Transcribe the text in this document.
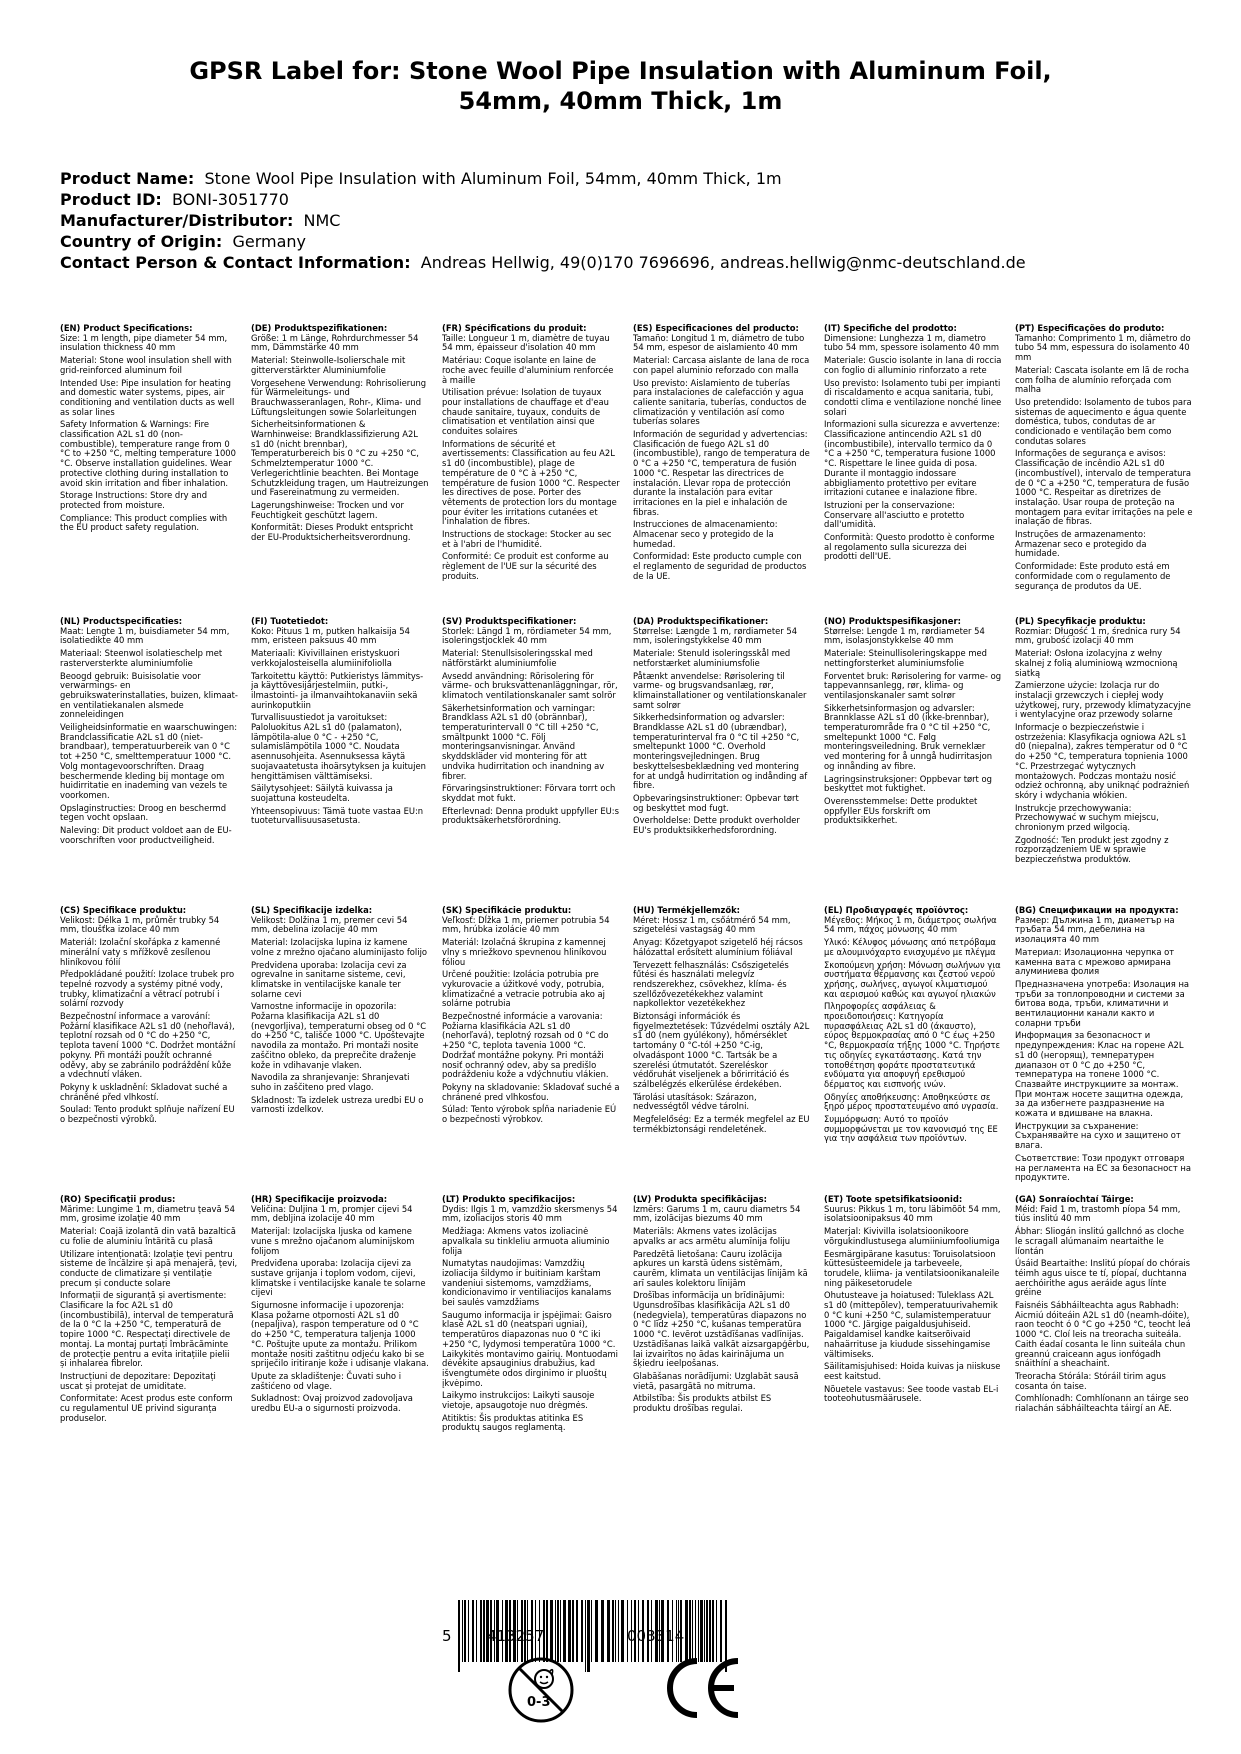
GPSR Label for: Stone Wool Pipe Insulation with Aluminum Foil,
54mm, 40mm Thick, 1m
Product Name: Stone Wool Pipe Insulation with Aluminum Foil, 54mm, 40mm Thick, 1m
Product ID: BONI-3051770
Manufacturer/Distributor: NMC
Country of Origin: Germany
Contact Person & Contact Information: Andreas Hellwig, 49(0)170 7696696, andreas.hellwig@nmc-deutschland.de
(EN) Product Specifications:

Size: 1 m length, pipe diameter 54 mm, insulation thickness 40 mm

Material: Stone wool insulation shell with grid-reinforced aluminum foil

Intended Use: Pipe insulation for heating and domestic water systems, pipes, air conditioning and ventilation ducts as well as solar lines

Safety Information & Warnings: Fire classification A2L s1 d0 (non-combustible), temperature range from 0 °C to +250 °C, melting temperature 1000 °C. Observe installation guidelines. Wear protective clothing during installation to avoid skin irritation and fiber inhalation.

Storage Instructions: Store dry and protected from moisture.

Compliance: This product complies with the EU product safety regulation.

(DE) Produktspezifikationen:

Größe: 1 m Länge, Rohrdurchmesser 54 mm, Dämmstärke 40 mm

Material: Steinwolle-Isolierschale mit gitterverstärkter Aluminiumfolie

Vorgesehene Verwendung: Rohrisolierung für Wärmeleitungs- und Brauchwasseranlagen, Rohr-, Klima- und Lüftungsleitungen sowie Solarleitungen

Sicherheitsinformationen & Warnhinweise: Brandklassifizierung A2L s1 d0 (nicht brennbar), Temperaturbereich bis 0 °C zu +250 °C, Schmelztemperatur 1000 °C. Verlegerichtlinie beachten. Bei Montage Schutzkleidung tragen, um Hautreizungen und Fasereinatmung zu vermeiden.

Lagerungshinweise: Trocken und vor Feuchtigkeit geschützt lagern.

Konformität: Dieses Produkt entspricht der EU-Produktsicherheitsverordnung.

(FR) Spécifications du produit:

Taille: Longueur 1 m, diamètre de tuyau 54 mm, épaisseur d'isolation 40 mm

Matériau: Coque isolante en laine de roche avec feuille d'aluminium renforcée à maille

Utilisation prévue: Isolation de tuyaux pour installations de chauffage et d'eau chaude sanitaire, tuyaux, conduits de climatisation et ventilation ainsi que conduites solaires

Informations de sécurité et avertissements: Classification au feu A2L s1 d0 (incombustible), plage de température de 0 °C à +250 °C, température de fusion 1000 °C. Respecter les directives de pose. Porter des vêtements de protection lors du montage pour éviter les irritations cutanées et l'inhalation de fibres.

Instructions de stockage: Stocker au sec et à l'abri de l'humidité.

Conformité: Ce produit est conforme au règlement de l'UE sur la sécurité des produits.

(ES) Especificaciones del producto:

Tamaño: Longitud 1 m, diámetro de tubo 54 mm, espesor de aislamiento 40 mm

Material: Carcasa aislante de lana de roca con papel aluminio reforzado con malla

Uso previsto: Aislamiento de tuberías para instalaciones de calefacción y agua caliente sanitaria, tuberías, conductos de climatización y ventilación así como tuberías solares

Información de seguridad y advertencias: Clasificación de fuego A2L s1 d0 (incombustible), rango de temperatura de 0 °C a +250 °C, temperatura de fusión 1000 °C. Respetar las directrices de instalación. Llevar ropa de protección durante la instalación para evitar irritaciones en la piel e inhalación de fibras.

Instrucciones de almacenamiento: Almacenar seco y protegido de la humedad.

Conformidad: Este producto cumple con el reglamento de seguridad de productos de la UE.

(IT) Specifiche del prodotto:

Dimensione: Lunghezza 1 m, diametro tubo 54 mm, spessore isolamento 40 mm

Materiale: Guscio isolante in lana di roccia con foglio di alluminio rinforzato a rete

Uso previsto: Isolamento tubi per impianti di riscaldamento e acqua sanitaria, tubi, condotti clima e ventilazione nonché linee solari

Informazioni sulla sicurezza e avvertenze: Classificazione antincendio A2L s1 d0 (incombustibile), intervallo termico da 0 °C a +250 °C, temperatura fusione 1000 °C. Rispettare le linee guida di posa. Durante il montaggio indossare abbigliamento protettivo per evitare irritazioni cutanee e inalazione fibre.

Istruzioni per la conservazione: Conservare all'asciutto e protetto dall'umidità.

Conformità: Questo prodotto è conforme al regolamento sulla sicurezza dei prodotti dell'UE.

(PT) Especificações do produto:

Tamanho: Comprimento 1 m, diâmetro do tubo 54 mm, espessura do isolamento 40 mm

Material: Cascata isolante em lã de rocha com folha de alumínio reforçada com malha

Uso pretendido: Isolamento de tubos para sistemas de aquecimento e água quente doméstica, tubos, condutas de ar condicionado e ventilação bem como condutas solares

Informações de segurança e avisos: Classificação de incêndio A2L s1 d0 (incombustível), intervalo de temperatura de 0 °C a +250 °C, temperatura de fusão 1000 °C. Respeitar as diretrizes de instalação. Usar roupa de proteção na montagem para evitar irritações na pele e inalação de fibras.

Instruções de armazenamento: Armazenar seco e protegido da humidade.

Conformidade: Este produto está em conformidade com o regulamento de segurança de produtos da UE.

(NL) Productspecificaties:

Maat: Lengte 1 m, buisdiameter 54 mm, isolatiedikte 40 mm

Materiaal: Steenwol isolatieschelp met rasterversterkte aluminiumfolie

Beoogd gebruik: Buisisolatie voor verwarmings- en gebruikswaterinstallaties, buizen, klimaat- en ventilatiekanalen alsmede zonneleidingen

Veiligheidsinformatie en waarschuwingen: Brandclassificatie A2L s1 d0 (niet-brandbaar), temperatuurbereik van 0 °C tot +250 °C, smelttemperatuur 1000 °C. Volg montagevoorschriften. Draag beschermende kleding bij montage om huidirritatie en inademing van vezels te voorkomen.

Opslaginstructies: Droog en beschermd tegen vocht opslaan.

Naleving: Dit product voldoet aan de EU-voorschriften voor productveiligheid.

(FI) Tuotetiedot:

Koko: Pituus 1 m, putken halkaisija 54 mm, eristeen paksuus 40 mm

Materiaali: Kivivillainen eristyskuori verkkojalosteisella alumiinifoliolla

Tarkoitettu käyttö: Putkieristys lämmitys- ja käyttövesijärjestelmiin, putki-, ilmastointi- ja ilmanvaihtokanaviin sekä aurinkoputkiin

Turvallisuustiedot ja varoitukset: Paloluokitus A2L s1 d0 (palamaton), lämpötila-alue 0 °C - +250 °C, sulamislämpötila 1000 °C. Noudata asennusohjeita. Asennuksessa käytä suojavaatetusta ihoärsytyksen ja kuitujen hengittämisen välttämiseksi.

Säilytysohjeet: Säilytä kuivassa ja suojattuna kosteudelta.

Yhteensopivuus: Tämä tuote vastaa EU:n tuoteturvallisuusasetusta.

(SV) Produktspecifikationer:

Storlek: Längd 1 m, rördiameter 54 mm, isoleringstjocklek 40 mm

Material: Stenullsisoleringsskal med nätförstärkt aluminiumfolie

Avsedd användning: Rörisolering för värme- och bruksvattenanläggningar, rör, klimatoch ventilationskanaler samt solrör

Säkerhetsinformation och varningar: Brandklass A2L s1 d0 (obrännbar), temperaturintervall 0 °C till +250 °C, smältpunkt 1000 °C. Följ monteringsanvisningar. Använd skyddskläder vid montering för att undvika hudirritation och inandning av fibrer.

Förvaringsinstruktioner: Förvara torrt och skyddat mot fukt.

Efterlevnad: Denna produkt uppfyller EU:s produktsäkerhetsförordning.

(DA) Produktspecifikationer:

Størrelse: Længde 1 m, rørdiameter 54 mm, isoleringstykkelse 40 mm

Materiale: Stenuld isoleringsskål med netforstærket aluminiumsfolie

Påtænkt anvendelse: Rørisolering til varme- og brugsvandsanlæg, rør, klimainstallationer og ventilationskanaler samt solrør

Sikkerhedsinformation og advarsler: Brandklasse A2L s1 d0 (ubrændbar), temperaturinterval fra 0 °C til +250 °C, smeltepunkt 1000 °C. Overhold monteringsvejledningen. Brug beskyttelsesbeklædning ved montering for at undgå hudirritation og indånding af fibre.

Opbevaringsinstruktioner: Opbevar tørt og beskyttet mod fugt.

Overholdelse: Dette produkt overholder EU's produktsikkerhedsforordning.

(NO) Produktspesifikasjoner:

Størrelse: Lengde 1 m, rørdiameter 54 mm, isolasjonstykkelse 40 mm

Materiale: Steinullisoleringskappe med nettingforsterket aluminiumsfolie

Forventet bruk: Rørisolering for varme- og tappevannsanlegg, rør, klima- og ventilasjonskanaler samt solrør

Sikkerhetsinformasjon og advarsler: Brannklasse A2L s1 d0 (ikke-brennbar), temperaturområde fra 0 °C til +250 °C, smeltepunkt 1000 °C. Følg monteringsveiledning. Bruk verneklær ved montering for å unngå hudirritasjon og innånding av fibre.

Lagringsinstruksjoner: Oppbevar tørt og beskyttet mot fuktighet.

Overensstemmelse: Dette produktet oppfyller EUs forskrift om produktsikkerhet.

(PL) Specyfikacje produktu:

Rozmiar: Długość 1 m, średnica rury 54 mm, grubość izolacji 40 mm

Materiał: Osłona izolacyjna z wełny skalnej z folią aluminiową wzmocnioną siatką

Zamierzone użycie: Izolacja rur do instalacji grzewczych i ciepłej wody użytkowej, rury, przewody klimatyzacyjne i wentylacyjne oraz przewody solarne

Informacje o bezpieczeństwie i ostrzeżenia: Klasyfikacja ogniowa A2L s1 d0 (niepalna), zakres temperatur od 0 °C do +250 °C, temperatura topnienia 1000 °C. Przestrzegać wytycznych montażowych. Podczas montażu nosić odzież ochronną, aby uniknąć podrażnień skóry i wdychania włókien.

Instrukcje przechowywania: Przechowywać w suchym miejscu, chronionym przed wilgocią.

Zgodność: Ten produkt jest zgodny z rozporządzeniem UE w sprawie bezpieczeństwa produktów.

(CS) Specifikace produktu:

Velikost: Délka 1 m, průměr trubky 54 mm, tloušťka izolace 40 mm

Materiál: Izolační skořápka z kamenné minerální vaty s mřížkově zesílenou hliníkovou fólií

Předpokládané použití: Izolace trubek pro tepelné rozvody a systémy pitné vody, trubky, klimatizační a větrací potrubí i solární rozvody

Bezpečnostní informace a varování: Požární klasifikace A2L s1 d0 (nehořlavá), teplotní rozsah od 0 °C do +250 °C, teplota tavení 1000 °C. Dodržet montážní pokyny. Při montáži použít ochranné oděvy, aby se zabránilo podráždění kůže a vdechnutí vláken.

Pokyny k uskladnění: Skladovat suché a chráněné před vlhkostí.

Soulad: Tento produkt splňuje nařízení EU o bezpečnosti výrobků.

(SL) Specifikacije izdelka:

Velikost: Dolžina 1 m, premer cevi 54 mm, debelina izolacije 40 mm

Material: Izolacijska lupina iz kamene volne z mrežno ojačano aluminijasto folijo

Predvidena uporaba: Izolacija cevi za ogrevalne in sanitarne sisteme, cevi, klimatske in ventilacijske kanale ter solarne cevi

Varnostne informacije in opozorila: Požarna klasifikacija A2L s1 d0 (nevgorljiva), temperaturni obseg od 0 °C do +250 °C, tališče 1000 °C. Upoštevajte navodila za montažo. Pri montaži nosite zaščitno obleko, da preprečite draženje kože in vdihavanje vlaken.

Navodila za shranjevanje: Shranjevati suho in zaščiteno pred vlago.

Skladnost: Ta izdelek ustreza uredbi EU o varnosti izdelkov.

(SK) Špecifikácie produktu:

Veľkosť: Dĺžka 1 m, priemer potrubia 54 mm, hrúbka izolácie 40 mm

Materiál: Izolačná škrupina z kamennej vlny s mriežkovo spevnenou hliníkovou fóliou

Určené použitie: Izolácia potrubia pre vykurovacie a úžitkové vody, potrubia, klimatizačné a vetracie potrubia ako aj solárne potrubia

Bezpečnostné informácie a varovania: Požiarna klasifikácia A2L s1 d0 (nehorľavá), teplotný rozsah od 0 °C do +250 °C, teplota tavenia 1000 °C. Dodržať montážne pokyny. Pri montáži nosiť ochranný odev, aby sa predišlo podráždeniu kože a vdýchnutiu vlákien.

Pokyny na skladovanie: Skladovať suché a chránené pred vlhkosťou.

Súlad: Tento výrobok spĺňa nariadenie EÚ o bezpečnosti výrobkov.

(HU) Termékjellemzők:

Méret: Hossz 1 m, csőátmérő 54 mm, szigetelési vastagság 40 mm

Anyag: Kőzetgyapot szigetelő héj rácsos hálózattal erősített alumínium fóliával

Tervezett felhasználás: Csőszigetelés fűtési és használati melegvíz rendszerekhez, csövekhez, klíma- és szellőzővezetékekhez valamint napkollektor vezetékekhez

Biztonsági információk és figyelmeztetések: Tűzvédelmi osztály A2L s1 d0 (nem gyúlékony), hőmérséklet tartomány 0 °C-tól +250 °C-ig, olvadáspont 1000 °C. Tartsák be a szerelési útmutatót. Szereléskor védőruhát viseljenek a bőrirritáció és szálbelégzés elkerülése érdekében.

Tárolási utasítások: Szárazon, nedvességtől védve tárolni.

Megfelelőség: Ez a termék megfelel az EU termékbiztonsági rendeletének.

(EL) Προδιαγραφές προϊόντος:

Μέγεθος: Μήκος 1 m, διάμετρος σωλήνα 54 mm, πάχος μόνωσης 40 mm

Υλικό: Κέλυφος μόνωσης από πετρόβαμα με αλουμινόχαρτο ενισχυμένο με πλέγμα

Σκοπούμενη χρήση: Μόνωση σωλήνων για συστήματα θέρμανσης και ζεστού νερού χρήσης, σωλήνες, αγωγοί κλιματισμού και αερισμού καθώς και αγωγοί ηλιακών

Πληροφορίες ασφάλειας & προειδοποιήσεις: Κατηγορία πυρασφάλειας A2L s1 d0 (άκαυστο), εύρος θερμοκρασίας από 0 °C έως +250 °C, θερμοκρασία τήξης 1000 °C. Τηρήστε τις οδηγίες εγκατάστασης. Κατά την τοποθέτηση φοράτε προστατευτικά ενδύματα για αποφυγή ερεθισμού δέρματος και εισπνοής ινών.

Οδηγίες αποθήκευσης: Αποθηκεύστε σε ξηρό μέρος προστατευμένο από υγρασία.

Συμμόρφωση: Αυτό το προϊόν συμμορφώνεται με τον κανονισμό της ΕΕ για την ασφάλεια των προϊόντων.

(BG) Спецификации на продукта:

Размер: Дължина 1 m, диаметър на тръбата 54 mm, дебелина на изолацията 40 mm

Материал: Изолационна черупка от каменна вата с мрежово армирана алуминиева фолия

Предназначена употреба: Изолация на тръби за топлопроводни и системи за битова вода, тръби, климатични и вентилационни канали както и соларни тръби

Информация за безопасност и предупреждения: Клас на горене A2L s1 d0 (негорящ), температурен диапазон от 0 °C до +250 °C, температура на топене 1000 °C. Спазвайте инструкциите за монтаж. При монтаж носете защитна одежда, за да избегнете раздразнение на кожата и вдишване на влакна.

Инструкции за съхранение: Съхранявайте на сухо и защитено от влага.

Съответствие: Този продукт отговаря на регламента на ЕС за безопасност на продуктите.

(RO) Specificații produs:

Mărime: Lungime 1 m, diametru țeavă 54 mm, grosime izolație 40 mm

Material: Coajă izolantă din vată bazaltică cu folie de aluminiu întărită cu plasă

Utilizare intenționată: Izolație țevi pentru sisteme de încălzire și apă menajeră, țevi, conducte de climatizare și ventilație precum și conducte solare

Informații de siguranță și avertismente: Clasificare la foc A2L s1 d0 (incombustibilă), interval de temperatură de la 0 °C la +250 °C, temperatură de topire 1000 °C. Respectați directivele de montaj. La montaj purtați îmbrăcăminte de protecție pentru a evita iritațiile pielii și inhalarea fibrelor.

Instrucțiuni de depozitare: Depozitați uscat și protejat de umiditate.

Conformitate: Acest produs este conform cu regulamentul UE privind siguranța produselor.

(HR) Specifikacije proizvoda:

Veličina: Duljina 1 m, promjer cijevi 54 mm, debljina izolacije 40 mm

Materijal: Izolacijska ljuska od kamene vune s mrežno ojačanom aluminijskom folijom

Predviđena uporaba: Izolacija cijevi za sustave grijanja i toplom vodom, cijevi, klimatske i ventilacijske kanale te solarne cijevi

Sigurnosne informacije i upozorenja: Klasa požarne otpornosti A2L s1 d0 (nepaljiva), raspon temperature od 0 °C do +250 °C, temperatura taljenja 1000 °C. Poštujte upute za montažu. Prilikom montaže nositi zaštitnu odjeću kako bi se spriječilo iritiranje kože i udisanje vlakana.

Upute za skladištenje: Čuvati suho i zaštićeno od vlage.

Sukladnost: Ovaj proizvod zadovoljava uredbu EU-a o sigurnosti proizvoda.

(LT) Produkto specifikacijos:

Dydis: Ilgis 1 m, vamzdžio skersmenys 54 mm, izoliacijos storis 40 mm

Medžiaga: Akmens vatos izoliacinė apvalkala su tinkleliu armuota aliuminio folija

Numatytas naudojimas: Vamzdžių izoliacija šildymo ir buitiniam karštam vandeniui sistemoms, vamzdžiams, kondicionavimo ir ventiliacijos kanalams bei saulės vamzdžiams

Saugumo informacija ir įspėjimai: Gaisro klasė A2L s1 d0 (neatspari ugniai), temperatūros diapazonas nuo 0 °C iki +250 °C, lydymosi temperatūra 1000 °C. Laikykitės montavimo gairių. Montuodami dėvėkite apsauginius drabužius, kad išvengtumėte odos dirginimo ir pluoštų įkvėpimo.

Laikymo instrukcijos: Laikyti sausoje vietoje, apsaugotoje nuo drėgmės.

Atitiktis: Šis produktas atitinka ES produktų saugos reglamentą.

(LV) Produkta specifikācijas:

Izmērs: Garums 1 m, cauru diametrs 54 mm, izolācijas biezums 40 mm

Materiāls: Akmens vates izolācijas apvalks ar acs armētu alumīnija foliju

Paredzētā lietošana: Cauru izolācija apkures un karstā ūdens sistēmām, caurēm, klimata un ventilācijas līnijām kā arī saules kolektoru līnijām

Drošības informācija un brīdinājumi: Ugunsdrošības klasifikācija A2L s1 d0 (nedegviela), temperatūras diapazons no 0 °C līdz +250 °C, kušanas temperatūra 1000 °C. Ievērot uzstādīšanas vadlīnijas. Uzstādīšanas laikā valkāt aizsargapģērbu, lai izvairītos no ādas kairinājuma un šķiedru ieelpošanas.

Glabāšanas norādījumi: Uzglabāt sausā vietā, pasargātā no mitruma.

Atbilstība: Šis produkts atbilst ES produktu drošības regulai.

(ET) Toote spetsifikatsioonid:

Suurus: Pikkus 1 m, toru läbimõõt 54 mm, isolatsioonipaksus 40 mm

Materjal: Kivivilla isolatsioonikoore võrgukindlustusega alumiiniumfooliumiga

Eesmärgipärane kasutus: Toruisolatsioon küttesüsteemidele ja tarbeveele, torudele, kliima- ja ventilatsioonikanaleile ning päikesetorudele

Ohutusteave ja hoiatused: Tuleklass A2L s1 d0 (mittepõlev), temperatuurivahemik 0 °C kuni +250 °C, sulamistemperatuur 1000 °C. Järgige paigaldusjuhiseid. Paigaldamisel kandke kaitserõivaid nahaärrituse ja kiudude sissehingamise vältimiseks.

Säilitamisjuhised: Hoida kuivas ja niiskuse eest kaitstud.

Nõuetele vastavus: See toode vastab EL-i tooteohutusmäärusele.

(GA) Sonraíochtaí Táirge:

Méid: Faid 1 m, trastomh píopa 54 mm, tiús inslitú 40 mm

Ábhar: Sliogán inslitú gallchnó as cloche le scragall alúmanaim neartaithe le líontán

Úsáid Beartaithe: Inslitú píopaí do chórais téimh agus uisce te tí, píopaí, duchtanna aerchóirithe agus aeráide agus línte gréine

Faisnéis Sábháilteachta agus Rabhadh: Aicmiú dóiteáin A2L s1 d0 (neamh-dóite), raon teocht ó 0 °C go +250 °C, teocht leá 1000 °C. Cloí leis na treoracha suiteála. Caith éadaí cosanta le linn suiteála chun greannú craiceann agus ionfógadh snáithíní a sheachaint.

Treoracha Stórála: Stóráil tirim agus cosanta ón taise.

Comhlíonadh: Comhlíonann an táirge seo rialachán sábháilteachta táirgí an AE.

5 413257	003314
0-3
